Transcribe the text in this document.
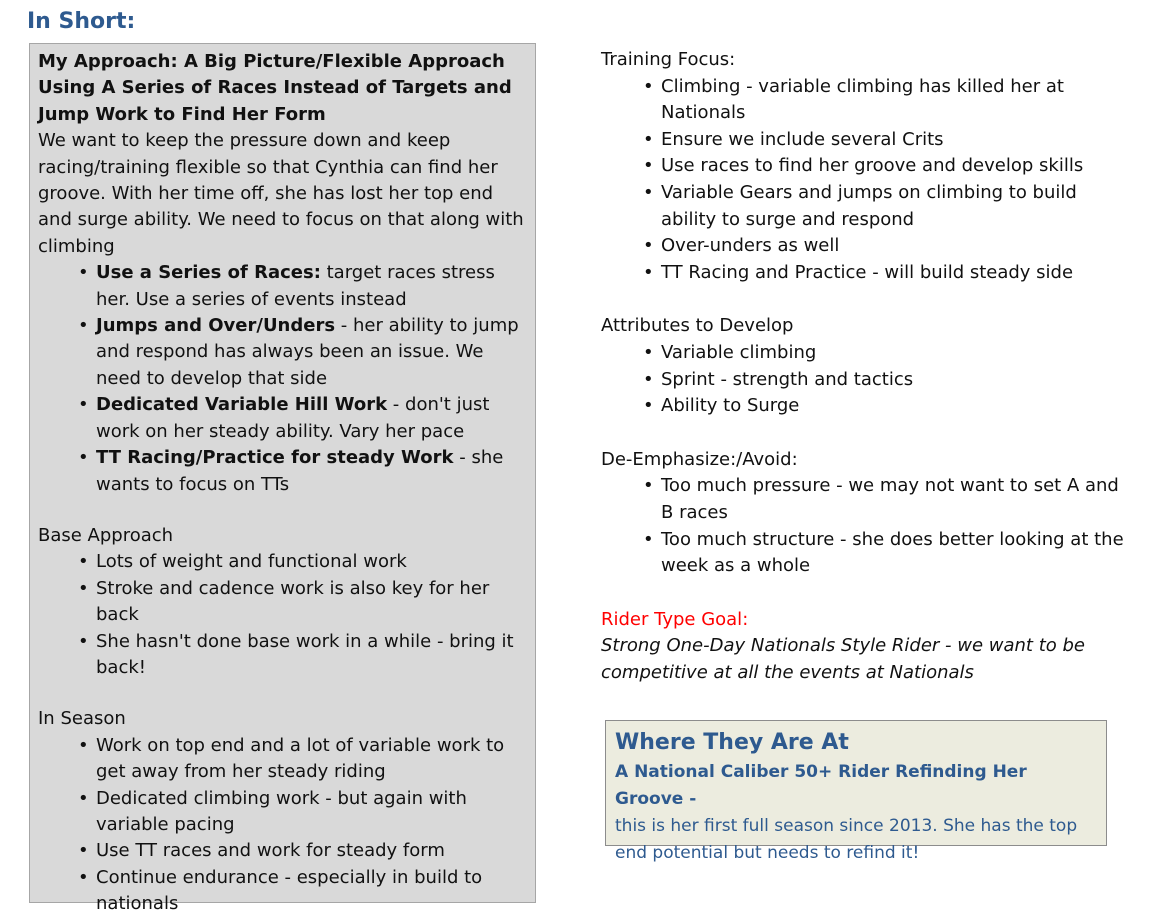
In Short:

My Approach: A Big Picture/Flexible Approach Using A Series of Races Instead of Targets and Jump Work to Find Her Form

We want to keep the pressure down and keep racing/training flexible so that Cynthia can find her groove. With her time off, she has lost her top end and surge ability. We need to focus on that along with climbing

• Use a Series of Races: target races stress her. Use a series of events instead
• Jumps and Over/Unders - her ability to jump and respond has always been an issue. We need to develop that side
• Dedicated Variable Hill Work - don't just work on her steady ability. Vary her pace
• TT Racing/Practice for steady Work - she wants to focus on TTs

Base Approach

• Lots of weight and functional work
• Stroke and cadence work is also key for her back
• She hasn't done base work in a while - bring it back!

In Season

• Work on top end and a lot of variable work to get away from her steady riding
• Dedicated climbing work - but again with variable pacing
• Use TT races and work for steady form
• Continue endurance - especially in build to nationals

Training Focus:

• Climbing - variable climbing has killed her at Nationals
• Ensure we include several Crits
• Use races to find her groove and develop skills
• Variable Gears and jumps on climbing to build ability to surge and respond
• Over-unders as well
• TT Racing and Practice - will build steady side

Attributes to Develop

• Variable climbing
• Sprint - strength and tactics
• Ability to Surge

De-Emphasize:/Avoid:

• Too much pressure - we may not want to set A and B races
• Too much structure - she does better looking at the week as a whole

Rider Type Goal:

Strong One-Day Nationals Style Rider - we want to be competitive at all the events at Nationals

Where They Are At

A National Caliber 50+ Rider Refinding Her Groove -

this is her first full season since 2013. She has the top end potential but needs to refind it!
